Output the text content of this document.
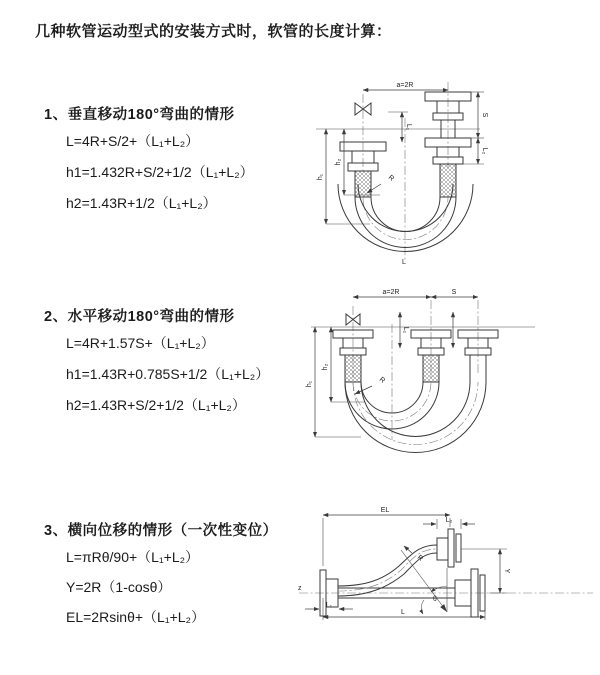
几种软管运动型式的安装方式时，软管的长度计算：
1、垂直移动180°弯曲的情形
L=4R+S/2+（L₁+L₂）
h1=1.432R+S/2+1/2（L₁+L₂）
h2=1.43R+1/2（L₁+L₂）
2、水平移动180°弯曲的情形
L=4R+1.57S+（L₁+L₂）
h1=1.43R+0.785S+1/2（L₁+L₂）
h2=1.43R+S/2+1/2（L₁+L₂）
3、横向位移的情形（一次性变位）
L=πRθ/90+（L₁+L₂）
Y=2R（1-cosθ）
EL=2Rsinθ+（L₁+L₂）
a=2R
S
L₂
L₁
h₁
h₂
R
L
a=2R	S
L₁
h₁
h₂
R
z
EL
L₂
L₁
Y
L
R
θ
